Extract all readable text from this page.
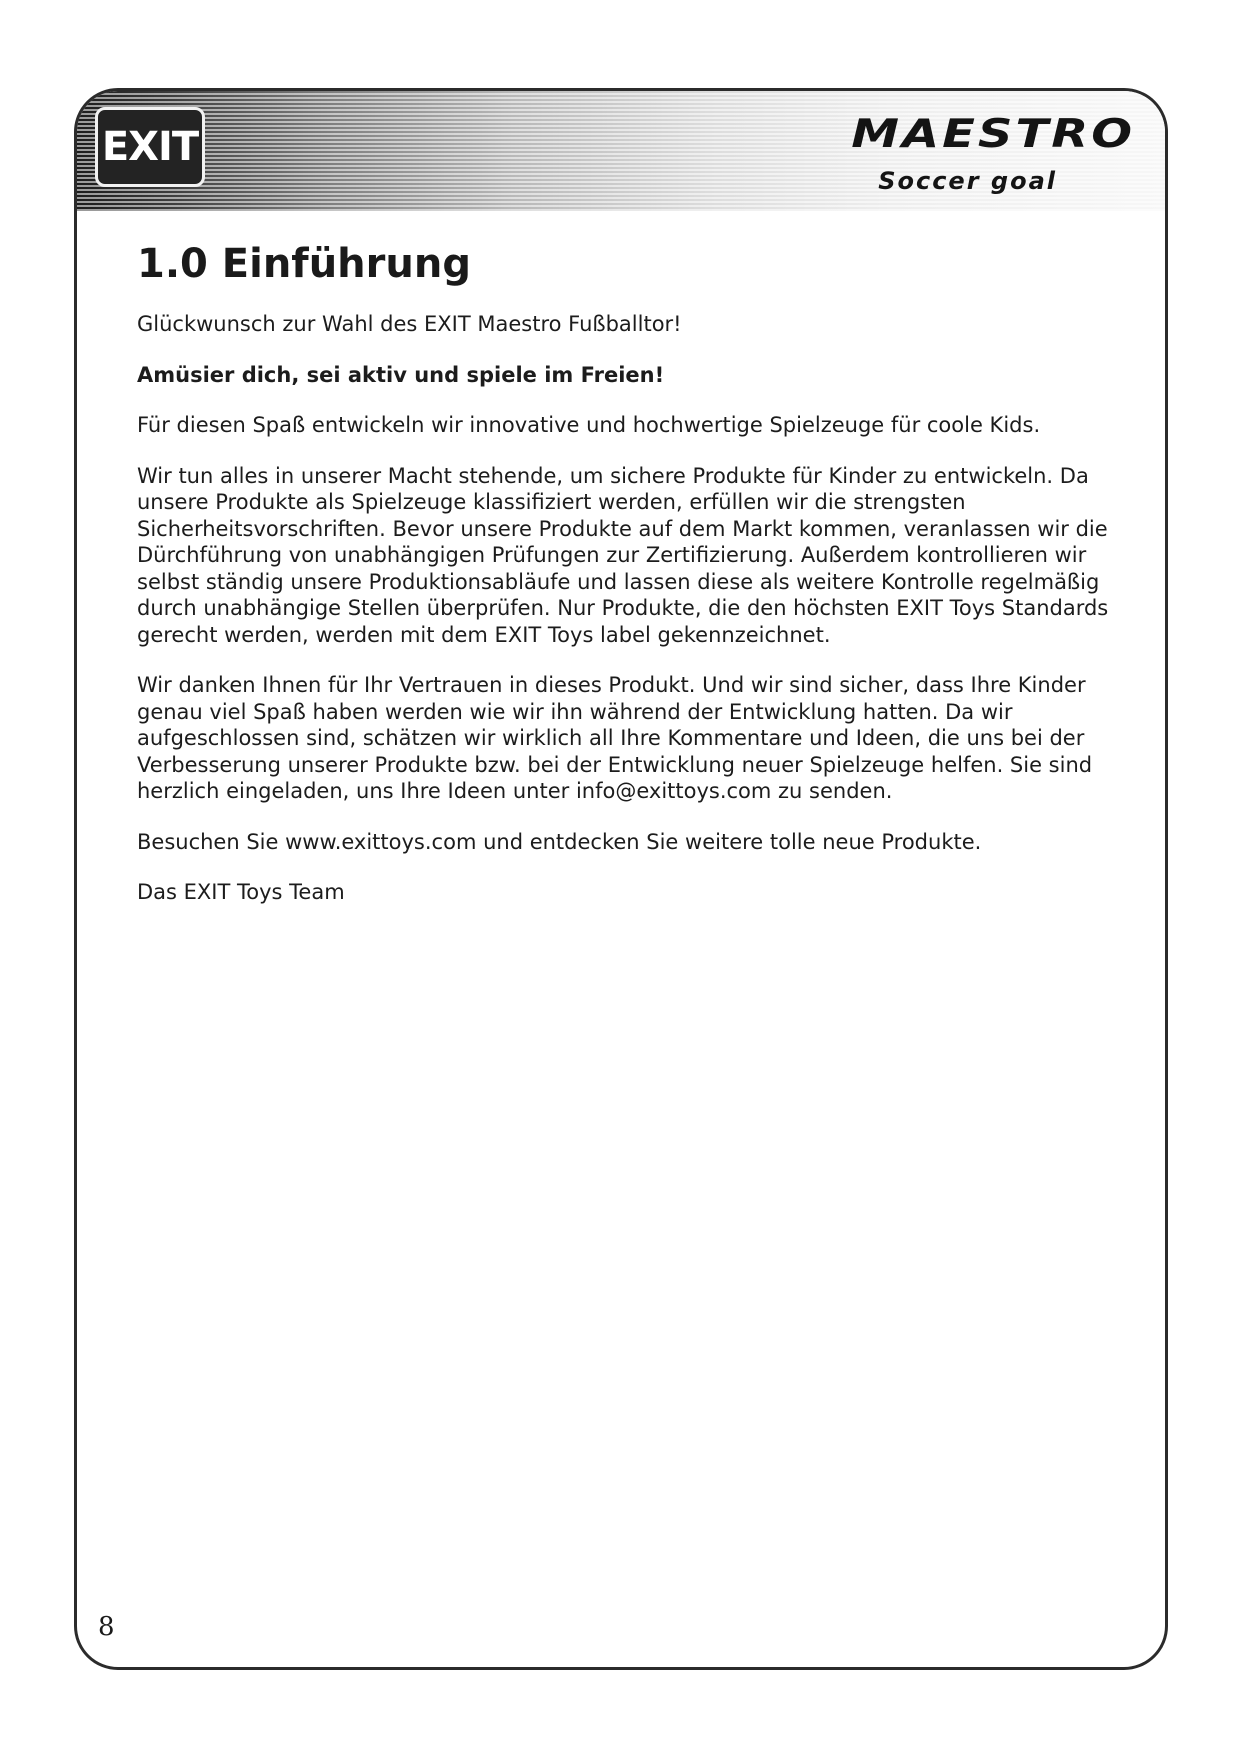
EXIT	MAESTRO
Soccer goal
1.0 Einführung

Glückwunsch zur Wahl des EXIT Maestro Fußballtor!

Amüsier dich, sei aktiv und spiele im Freien!

Für diesen Spaß entwickeln wir innovative und hochwertige Spielzeuge für coole Kids.

Wir tun alles in unserer Macht stehende, um sichere Produkte für Kinder zu entwickeln. Da unsere Produkte als Spielzeuge klassifiziert werden, erfüllen wir die strengsten Sicherheitsvorschriften. Bevor unsere Produkte auf dem Markt kommen, veranlassen wir die Dürchführung von unabhängigen Prüfungen zur Zertifizierung. Außerdem kontrollieren wir selbst ständig unsere Produktionsabläufe und lassen diese als weitere Kontrolle regelmäßig durch unabhängige Stellen überprüfen. Nur Produkte, die den höchsten EXIT Toys Standards gerecht werden, werden mit dem EXIT Toys label gekennzeichnet.

Wir danken Ihnen für Ihr Vertrauen in dieses Produkt. Und wir sind sicher, dass Ihre Kinder genau viel Spaß haben werden wie wir ihn während der Entwicklung hatten. Da wir aufgeschlossen sind, schätzen wir wirklich all Ihre Kommentare und Ideen, die uns bei der Verbesserung unserer Produkte bzw. bei der Entwicklung neuer Spielzeuge helfen. Sie sind herzlich eingeladen, uns Ihre Ideen unter info@exittoys.com zu senden.

Besuchen Sie www.exittoys.com und entdecken Sie weitere tolle neue Produkte.

Das EXIT Toys Team

8
